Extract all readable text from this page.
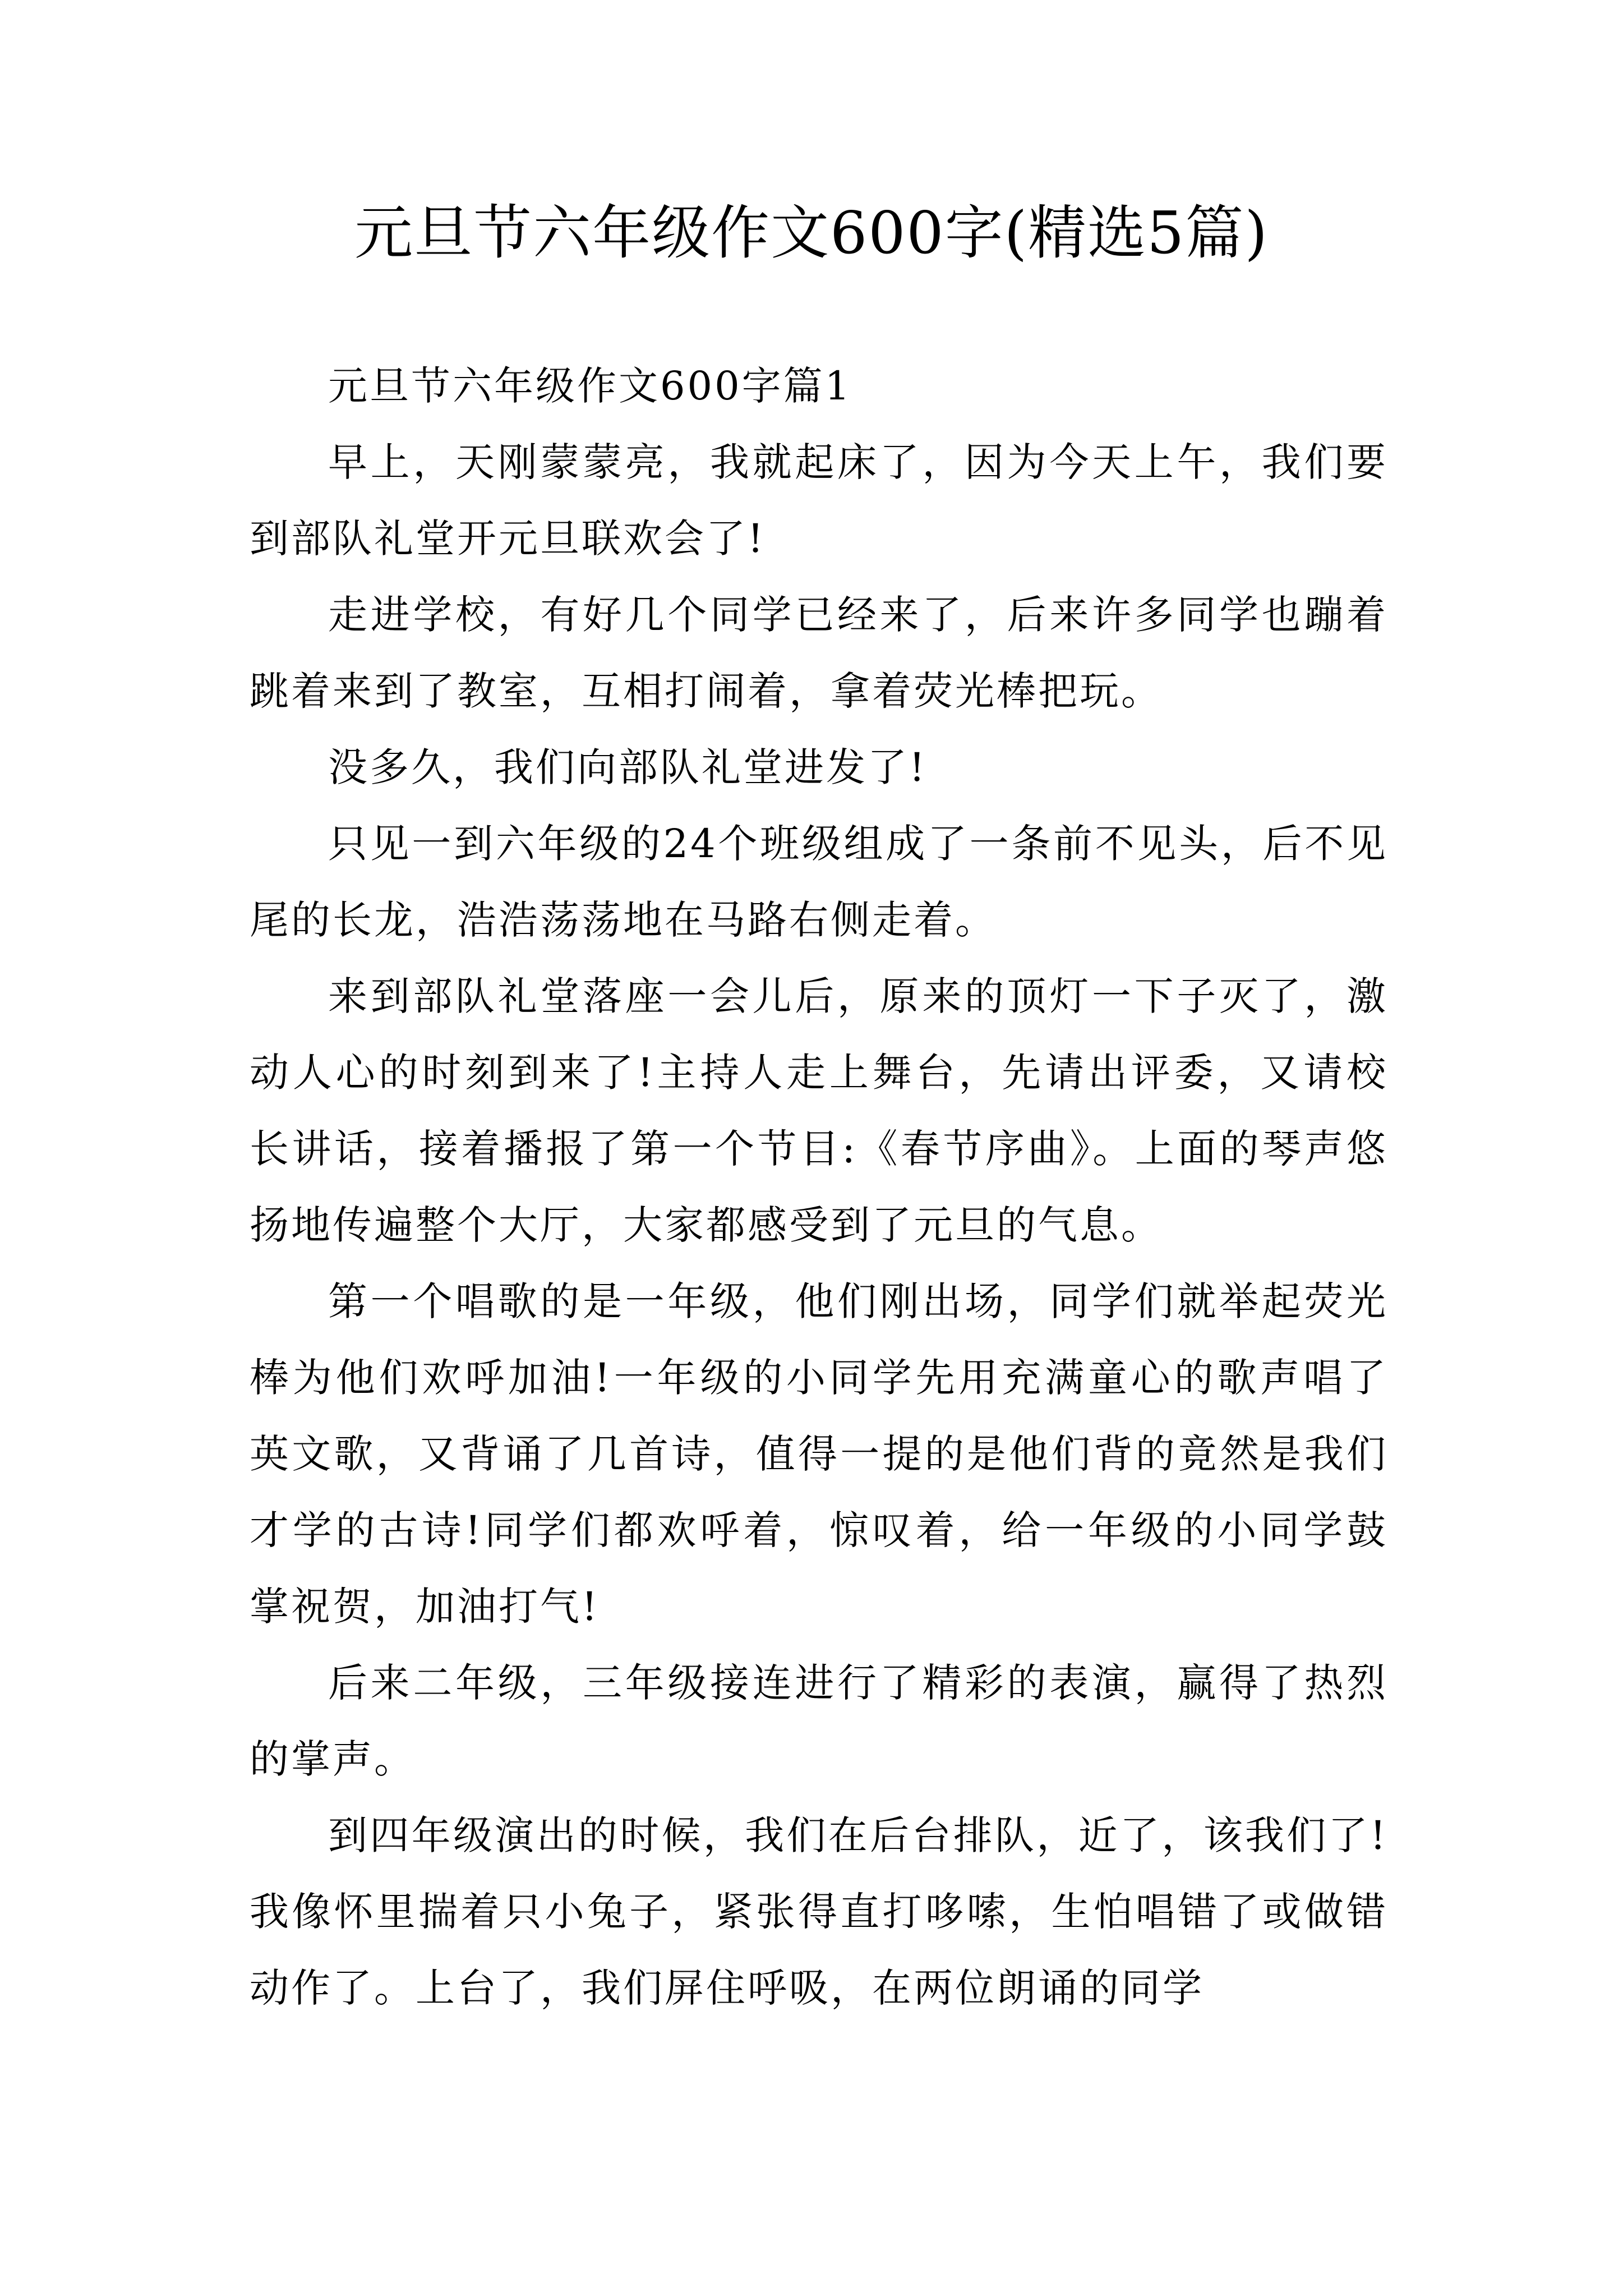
元旦节六年级作文600字(精选5篇)

元旦节六年级作文600字篇1

早上，天刚蒙蒙亮，我就起床了，因为今天上午，我们要到部队礼堂开元旦联欢会了!

走进学校，有好几个同学已经来了，后来许多同学也蹦着跳着来到了教室，互相打闹着，拿着荧光棒把玩。

没多久，我们向部队礼堂进发了!

只见一到六年级的24个班级组成了一条前不见头，后不见尾的长龙，浩浩荡荡地在马路右侧走着。

来到部队礼堂落座一会儿后，原来的顶灯一下子灭了，激动人心的时刻到来了!主持人走上舞台，先请出评委，又请校长讲话，接着播报了第一个节目:《春节序曲》。上面的琴声悠扬地传遍整个大厅，大家都感受到了元旦的气息。

第一个唱歌的是一年级，他们刚出场，同学们就举起荧光棒为他们欢呼加油!一年级的小同学先用充满童心的歌声唱了英文歌，又背诵了几首诗，值得一提的是他们背的竟然是我们才学的古诗!同学们都欢呼着，惊叹着，给一年级的小同学鼓掌祝贺，加油打气!

后来二年级，三年级接连进行了精彩的表演，赢得了热烈的掌声。

到四年级演出的时候，我们在后台排队，近了，该我们了!我像怀里揣着只小兔子，紧张得直打哆嗦，生怕唱错了或做错动作了。上台了，我们屏住呼吸，在两位朗诵的同学
